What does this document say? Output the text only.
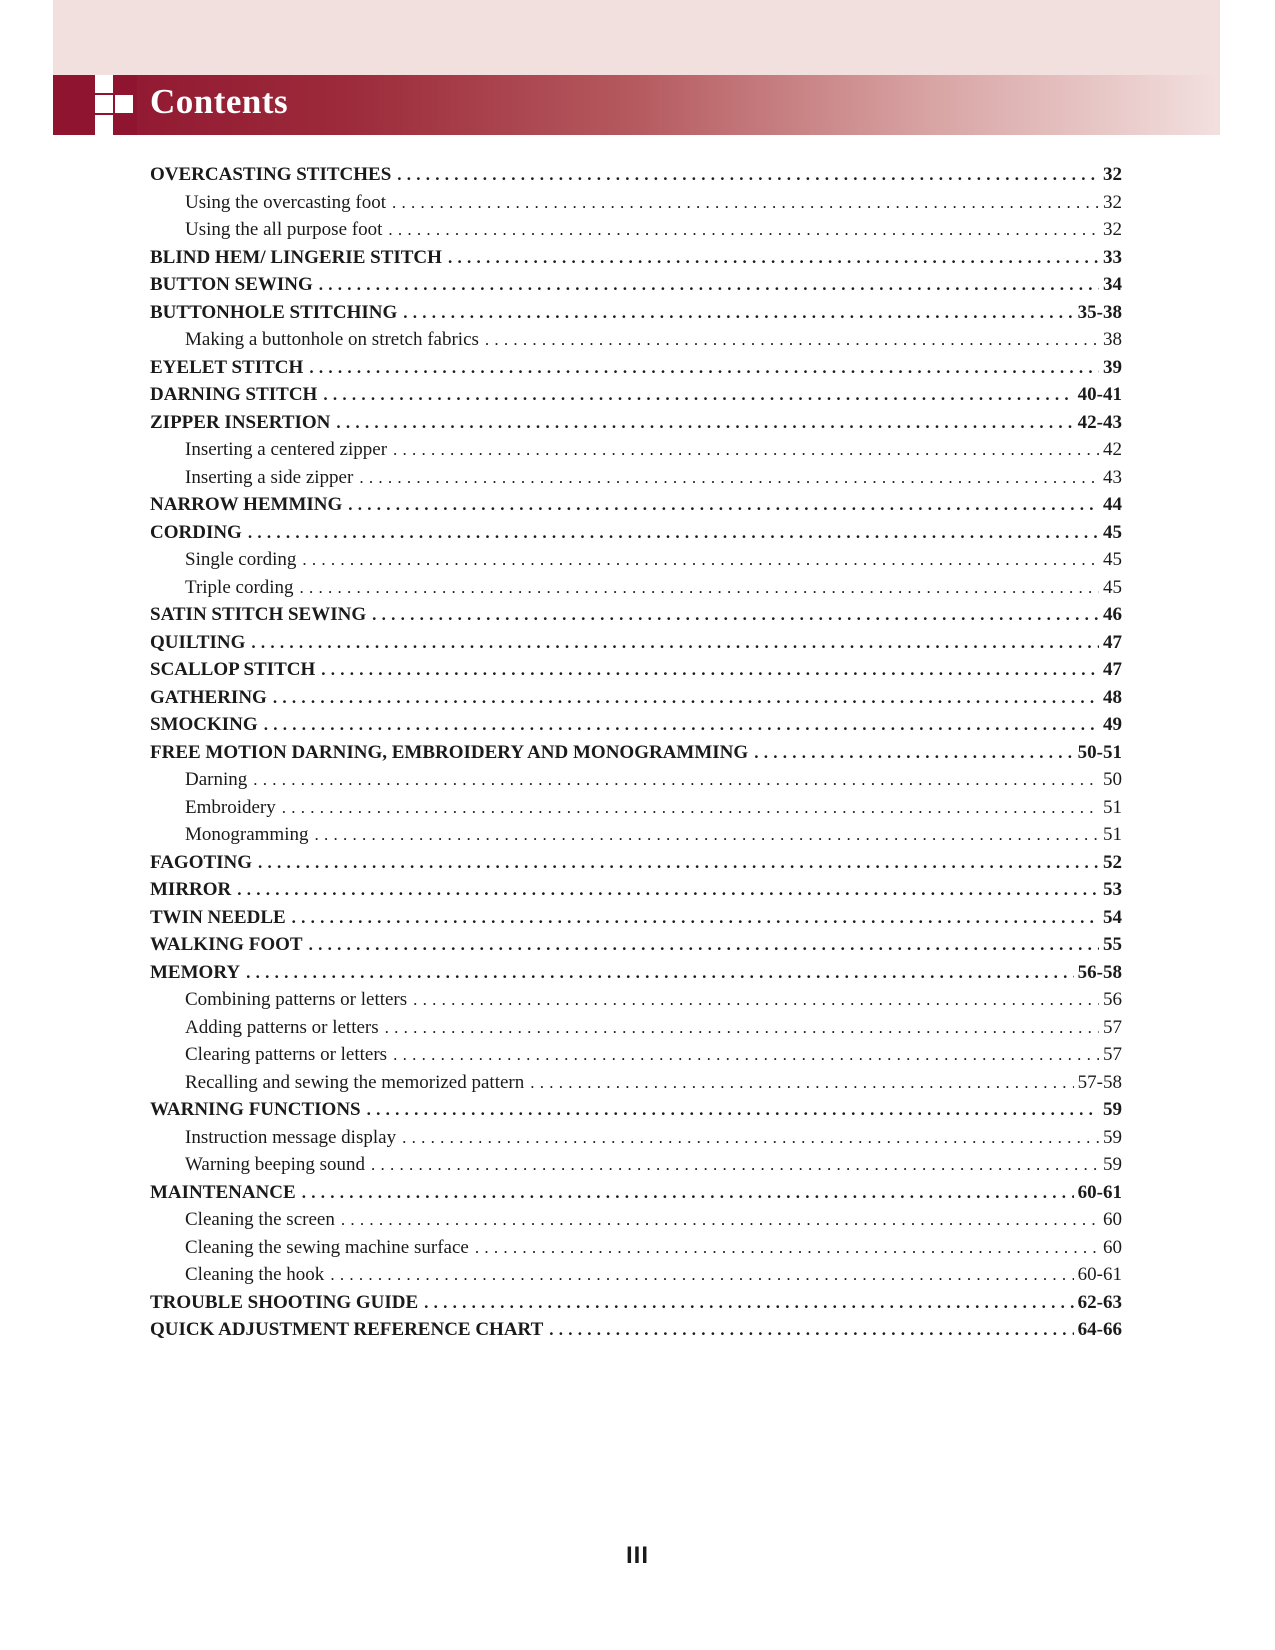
Contents
OVERCASTING STITCHES . . .	32
Using the overcasting foot . . .	32
Using the all purpose foot . . .	32
BLIND HEM/ LINGERIE STITCH . . .	33
BUTTON SEWING . . .	34
BUTTONHOLE STITCHING . . .	35-38
Making a buttonhole on stretch fabrics . . .	38
EYELET STITCH . . .	39
DARNING STITCH . . .	40-41
ZIPPER INSERTION . . .	42-43
Inserting a centered zipper . . .	42
Inserting a side zipper . . .	43
NARROW HEMMING . . .	44
CORDING . . .	45
Single cording . . .	45
Triple cording . . .	45
SATIN STITCH SEWING . . .	46
QUILTING . . .	47
SCALLOP STITCH . . .	47
GATHERING . . .	48
SMOCKING . . .	49
FREE MOTION DARNING, EMBROIDERY AND MONOGRAMMING . . .	50-51
Darning . . .	50
Embroidery . . .	51
Monogramming . . .	51
FAGOTING . . .	52
MIRROR . . .	53
TWIN NEEDLE . . .	54
WALKING FOOT . . .	55
MEMORY . . .	56-58
Combining patterns or letters . . .	56
Adding patterns or letters . . .	57
Clearing patterns or letters . . .	57
Recalling and sewing the memorized pattern . . .	57-58
WARNING FUNCTIONS . . .	59
Instruction message display . . .	59
Warning beeping sound . . .	59
MAINTENANCE . . .	60-61
Cleaning the screen . . .	60
Cleaning the sewing machine surface . . .	60
Cleaning the hook . . .	60-61
TROUBLE SHOOTING GUIDE . . .	62-63
QUICK ADJUSTMENT REFERENCE CHART . . .	64-66
III
